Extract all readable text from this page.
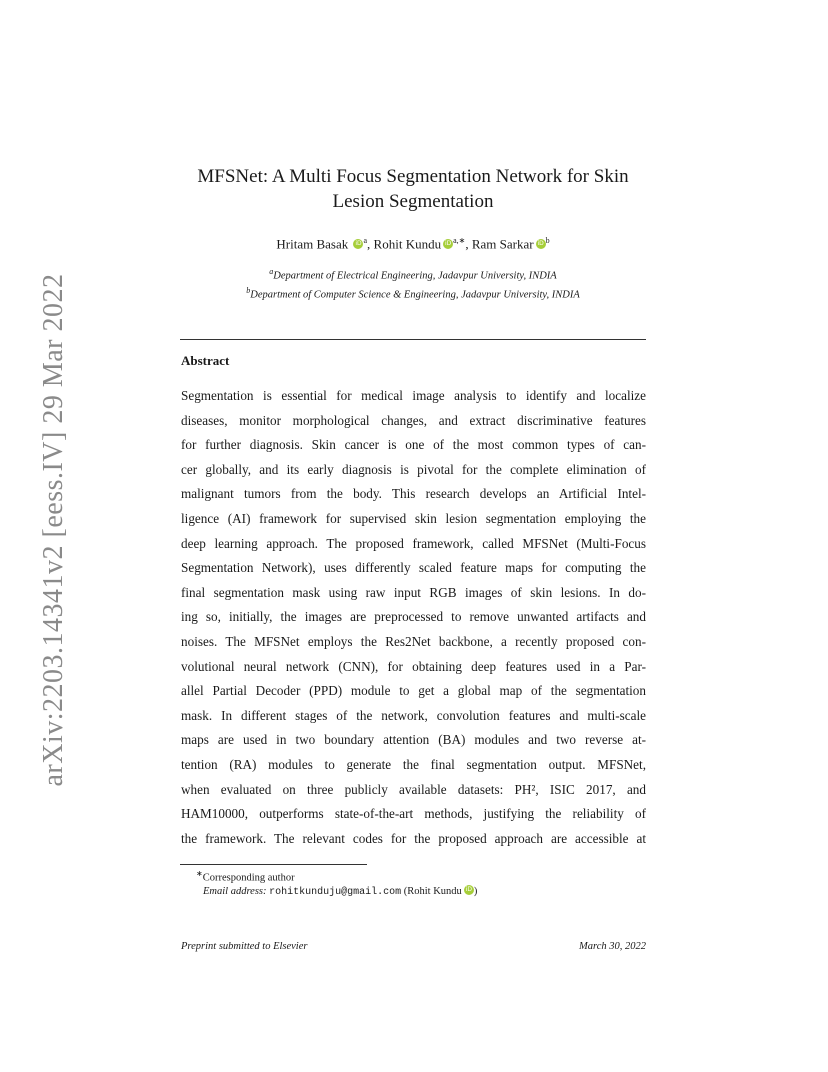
arXiv:2203.14341v2 [eess.IV] 29 Mar 2022
MFSNet: A Multi Focus Segmentation Network for Skin
Lesion Segmentation
Hritam Basak iD $^a$, Rohit Kundu iD $^{a,∗}$, Ram Sarkar iD $^b$
$^a$Department of Electrical Engineering, Jadavpur University, INDIA
$^b$Department of Computer Science & Engineering, Jadavpur University, INDIA
Abstract
Segmentation is essential for medical image analysis to identify and localize
diseases, monitor morphological changes, and extract discriminative features
for further diagnosis. Skin cancer is one of the most common types of can-
cer globally, and its early diagnosis is pivotal for the complete elimination of
malignant tumors from the body. This research develops an Artificial Intel-
ligence (AI) framework for supervised skin lesion segmentation employing the
deep learning approach. The proposed framework, called MFSNet (Multi-Focus
Segmentation Network), uses differently scaled feature maps for computing the
final segmentation mask using raw input RGB images of skin lesions. In do-
ing so, initially, the images are preprocessed to remove unwanted artifacts and
noises. The MFSNet employs the Res2Net backbone, a recently proposed con-
volutional neural network (CNN), for obtaining deep features used in a Par-
allel Partial Decoder (PPD) module to get a global map of the segmentation
mask. In different stages of the network, convolution features and multi-scale
maps are used in two boundary attention (BA) modules and two reverse at-
tention (RA) modules to generate the final segmentation output. MFSNet,
when evaluated on three publicly available datasets: PH², ISIC 2017, and
HAM10000, outperforms state-of-the-art methods, justifying the reliability of
the framework. The relevant codes for the proposed approach are accessible at
∗Corresponding author
Email address: rohitkunduju@gmail.com (Rohit Kundu iD )
Preprint submitted to Elsevier	March 30, 2022
